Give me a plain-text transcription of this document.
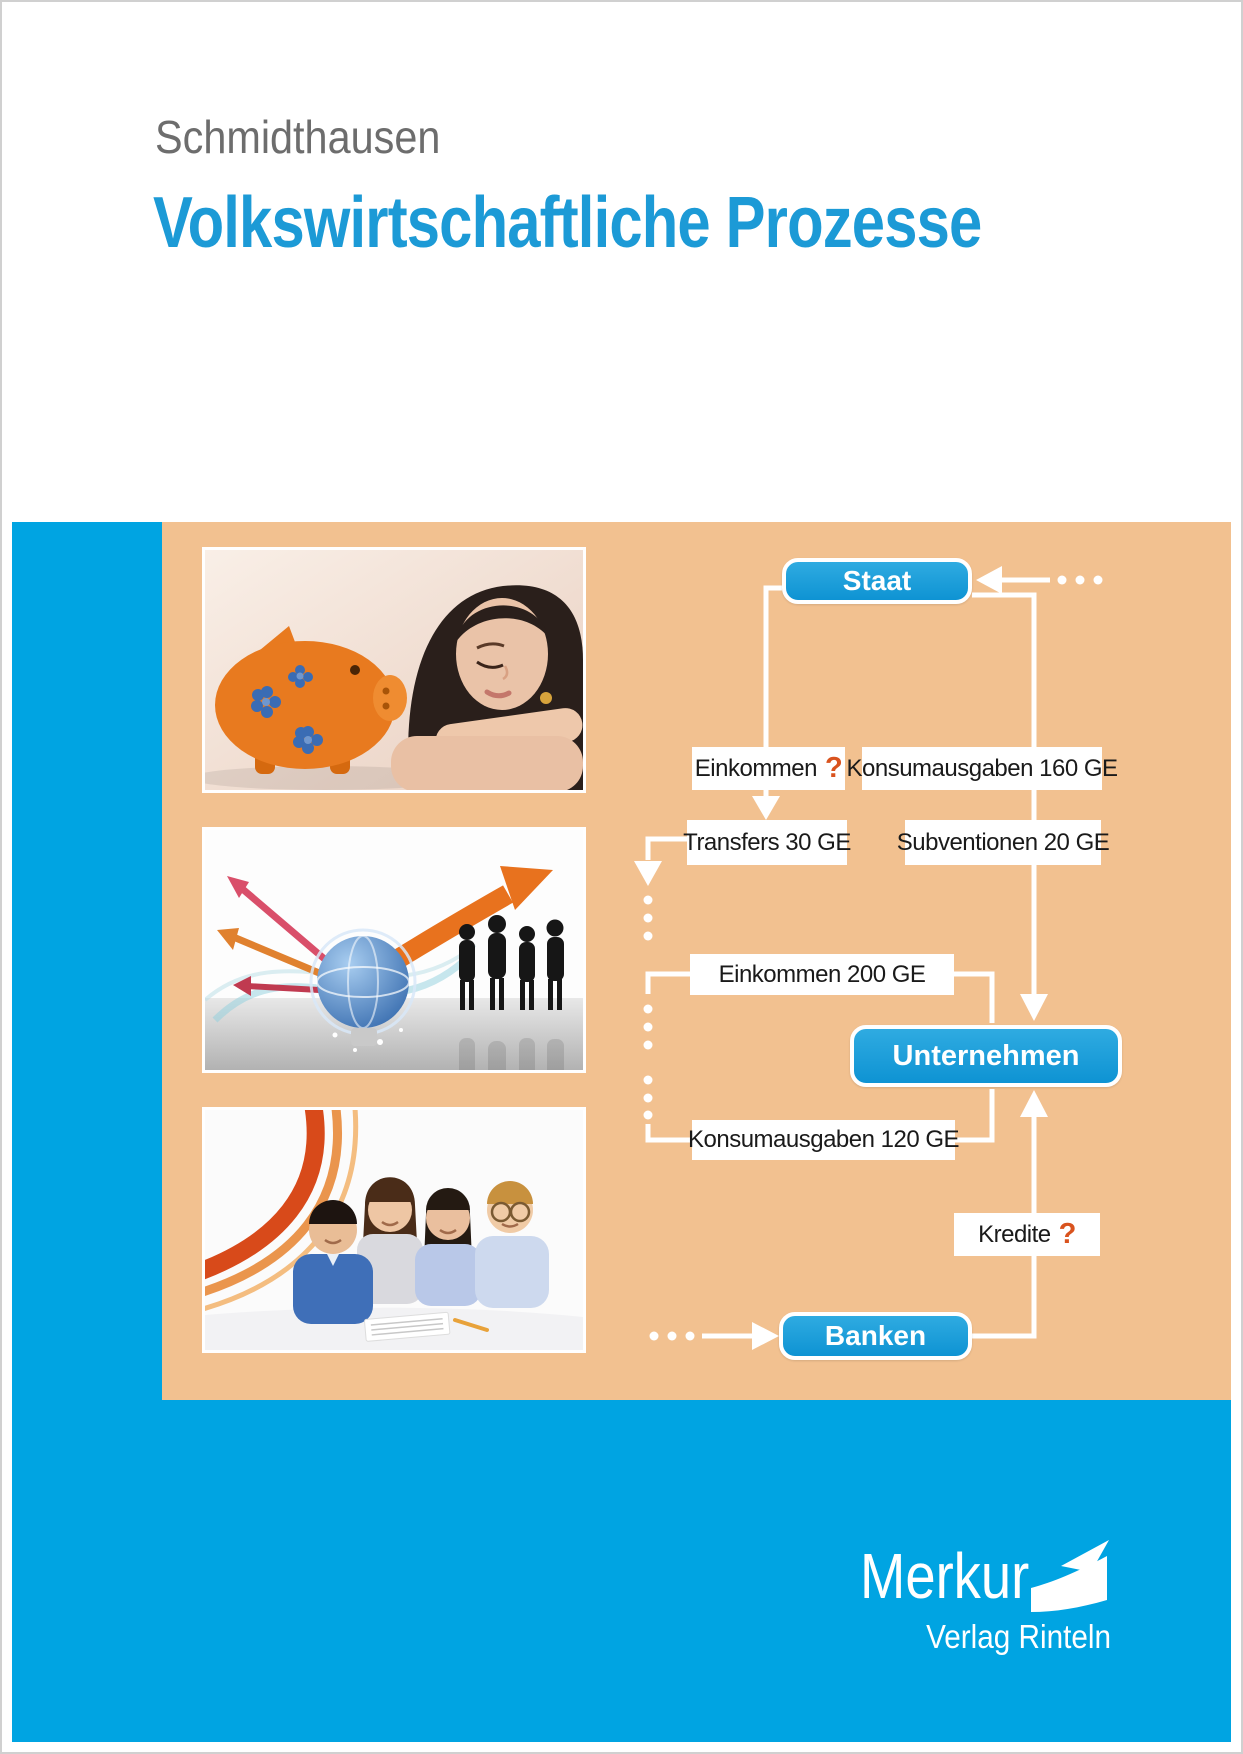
Schmidthausen
Volkswirtschaftliche Prozesse
Einkommen ? Konsumausgaben 160 GE
Transfers 30 GE Subventionen 20 GE
Einkommen 200 GE
Konsumausgaben 120 GE
Kredite ?
Staat
Unternehmen
Banken
Merkur
Verlag Rinteln
